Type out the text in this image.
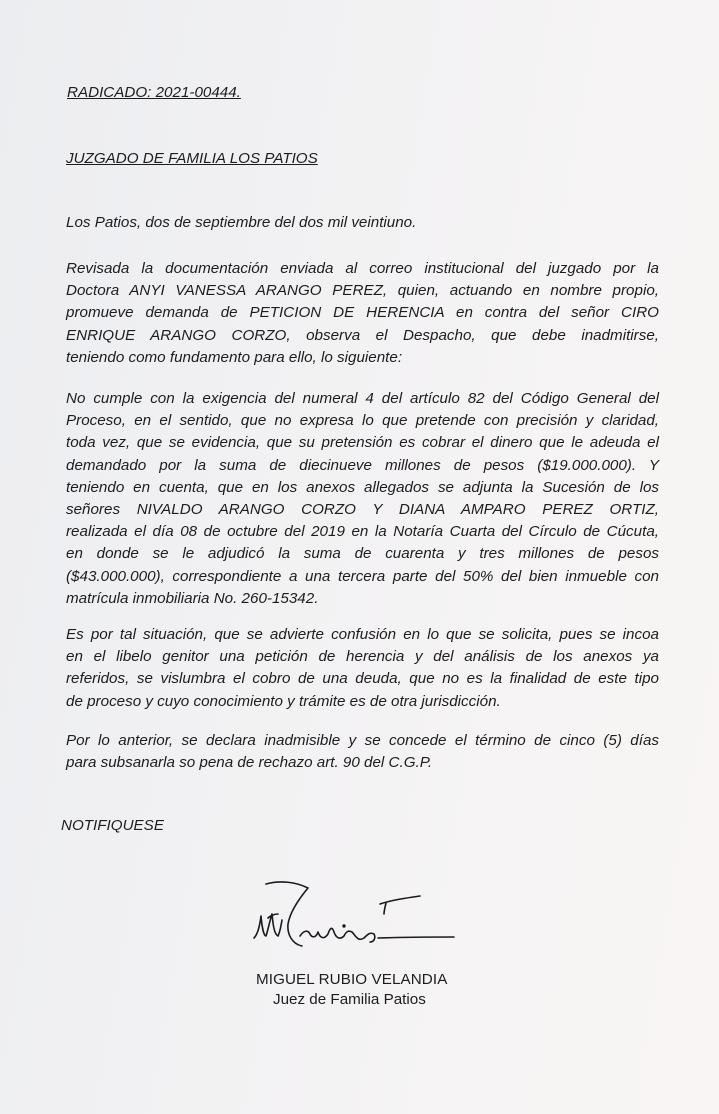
RADICADO: 2021-00444.
JUZGADO DE FAMILIA LOS PATIOS
Los Patios, dos de septiembre del dos mil veintiuno.
Revisada la documentación enviada al correo institucional del juzgado por la
Doctora ANYI VANESSA ARANGO PEREZ, quien, actuando en nombre propio,
promueve demanda de PETICION DE HERENCIA en contra del señor CIRO
ENRIQUE ARANGO CORZO, observa el Despacho, que debe inadmitirse,
teniendo como fundamento para ello, lo siguiente:
No cumple con la exigencia del numeral 4 del artículo 82 del Código General del
Proceso, en el sentido, que no expresa lo que pretende con precisión y claridad,
toda vez, que se evidencia, que su pretensión es cobrar el dinero que le adeuda el
demandado por la suma de diecinueve millones de pesos ($19.000.000). Y
teniendo en cuenta, que en los anexos allegados se adjunta la Sucesión de los
señores NIVALDO ARANGO CORZO Y DIANA AMPARO PEREZ ORTIZ,
realizada el día 08 de octubre del 2019 en la Notaría Cuarta del Círculo de Cúcuta,
en donde se le adjudicó la suma de cuarenta y tres millones de pesos
($43.000.000), correspondiente a una tercera parte del 50% del bien inmueble con
matrícula inmobiliaria No. 260-15342.
Es por tal situación, que se advierte confusión en lo que se solicita, pues se incoa
en el libelo genitor una petición de herencia y del análisis de los anexos ya
referidos, se vislumbra el cobro de una deuda, que no es la finalidad de este tipo
de proceso y cuyo conocimiento y trámite es de otra jurisdicción.
Por lo anterior, se declara inadmisible y se concede el término de cinco (5) días
para subsanarla so pena de rechazo art. 90 del C.G.P.
NOTIFIQUESE
MIGUEL RUBIO VELANDIA
Juez de Familia Patios
